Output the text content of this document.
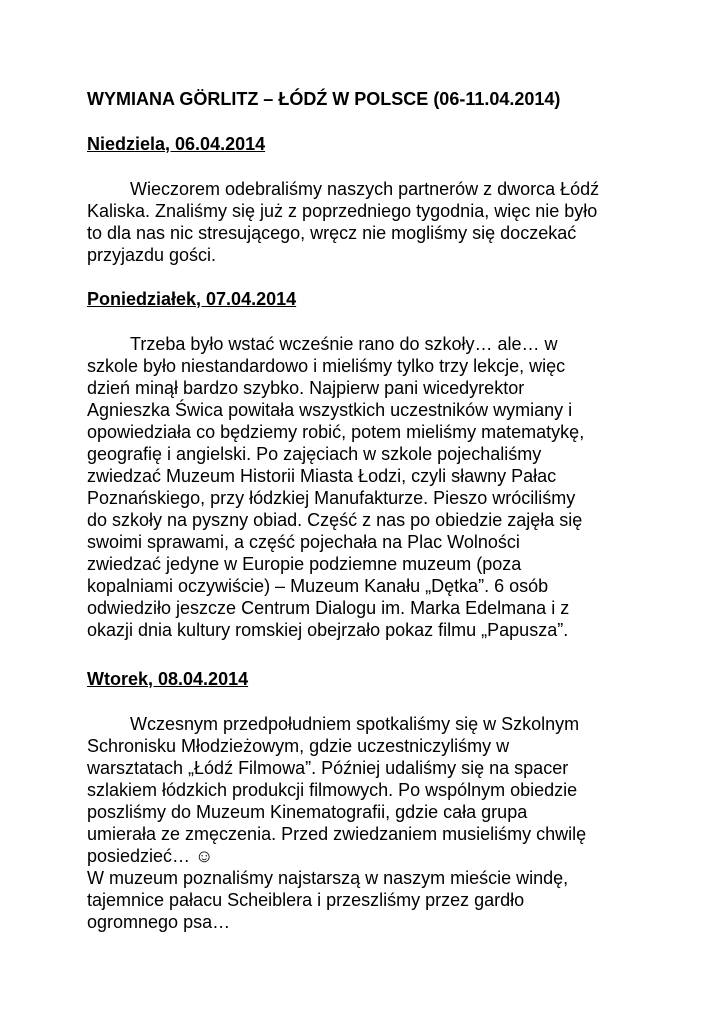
WYMIANA GÖRLITZ – ŁÓDŹ W POLSCE (06-11.04.2014)
Niedziela, 06.04.2014
Wieczorem odebraliśmy naszych partnerów z dworca Łódź
Kaliska. Znaliśmy się już z poprzedniego tygodnia, więc nie było
to dla nas nic stresującego, wręcz nie mogliśmy się doczekać
przyjazdu gości.
Poniedziałek, 07.04.2014
Trzeba było wstać wcześnie rano do szkoły… ale… w
szkole było niestandardowo i mieliśmy tylko trzy lekcje, więc
dzień minął bardzo szybko. Najpierw pani wicedyrektor
Agnieszka Świca powitała wszystkich uczestników wymiany i
opowiedziała co będziemy robić, potem mieliśmy matematykę,
geografię i angielski. Po zajęciach w szkole pojechaliśmy
zwiedzać Muzeum Historii Miasta Łodzi, czyli sławny Pałac
Poznańskiego, przy łódzkiej Manufakturze. Pieszo wróciliśmy
do szkoły na pyszny obiad. Część z nas po obiedzie zajęła się
swoimi sprawami, a część pojechała na Plac Wolności
zwiedzać jedyne w Europie podziemne muzeum (poza
kopalniami oczywiście) – Muzeum Kanału „Dętka”. 6 osób
odwiedziło jeszcze Centrum Dialogu im. Marka Edelmana i z
okazji dnia kultury romskiej obejrzało pokaz filmu „Papusza”.
Wtorek, 08.04.2014
Wczesnym przedpołudniem spotkaliśmy się w Szkolnym
Schronisku Młodzieżowym, gdzie uczestniczyliśmy w
warsztatach „Łódź Filmowa”. Później udaliśmy się na spacer
szlakiem łódzkich produkcji filmowych. Po wspólnym obiedzie
poszliśmy do Muzeum Kinematografii, gdzie cała grupa
umierała ze zmęczenia. Przed zwiedzaniem musieliśmy chwilę
posiedzieć… ☺
W muzeum poznaliśmy najstarszą w naszym mieście windę,
tajemnice pałacu Scheiblera i przeszliśmy przez gardło
ogromnego psa…
